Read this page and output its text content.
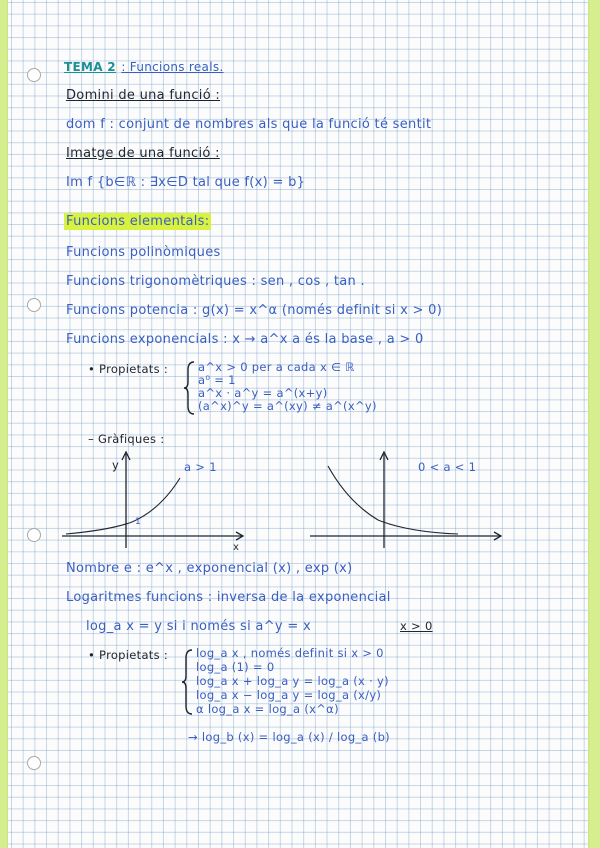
TEMA 2 : Funcions reals.
Domini de una funció :
dom f : conjunt de nombres als que la funció té sentit
Imatge de una funció :
Im f {b∈ℝ : ∃x∈D tal que f(x) = b}
Funcions elementals:
Funcions polinòmiques
Funcions trigonomètriques : sen , cos , tan .
Funcions potencia : g(x) = x^α (només definit si x > 0)
Funcions exponencials : x → a^x a és la base , a > 0
• Propietats :	a^x > 0 per a cada x ∈ ℝ
a⁰ = 1
a^x · a^y = a^(x+y)
(a^x)^y = a^(xy) ≠ a^(x^y)
– Gràfiques :
y
x
1
a > 1	0 < a < 1
Nombre e : e^x , exponencial (x) , exp (x)
Logaritmes funcions : inversa de la exponencial
log_a x = y si i només si a^y = x	x > 0
• Propietats : log_a x , només definit si x > 0
log_a (1) = 0
log_a x + log_a y = log_a (x · y)
log_a x − log_a y = log_a (x/y)
α log_a x = log_a (x^α)
→ log_b (x) = log_a (x) / log_a (b)
